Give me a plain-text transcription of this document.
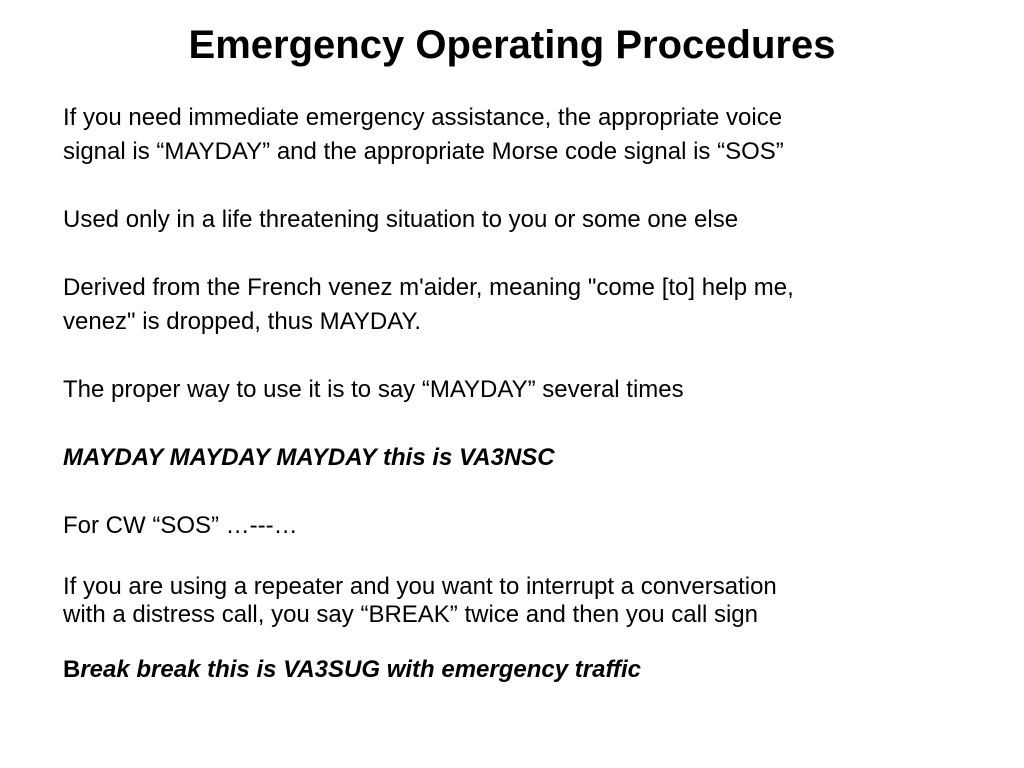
Emergency Operating Procedures

If you need immediate emergency assistance, the appropriate voice
signal is “MAYDAY” and the appropriate Morse code signal is “SOS”

Used only in a life threatening situation to you or some one else

Derived from the French venez m'aider, meaning "come [to] help me,
venez" is dropped, thus MAYDAY.

The proper way to use it is to say “MAYDAY” several times

MAYDAY MAYDAY MAYDAY this is VA3NSC

For CW “SOS” …---…

If you are using a repeater and you want to interrupt a conversation
with a distress call, you say “BREAK” twice and then you call sign

Break break this is VA3SUG with emergency traffic
